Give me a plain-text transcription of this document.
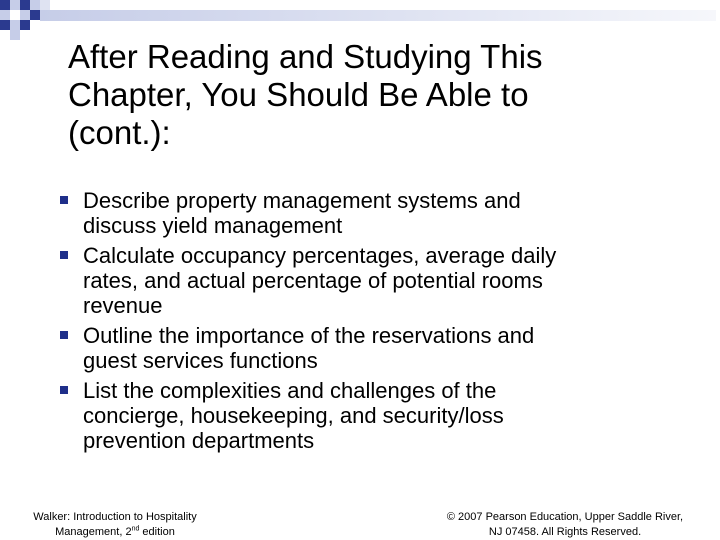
After Reading and Studying This
Chapter, You Should Be Able to
(cont.):
Describe property management systems and
discuss yield management
Calculate occupancy percentages, average daily
rates, and actual percentage of potential rooms
revenue
Outline the importance of the reservations and
guest services functions
List the complexities and challenges of the
concierge, housekeeping, and security/loss
prevention departments
Walker: Introduction to Hospitality
Management, 2nd edition
© 2007 Pearson Education, Upper Saddle River,
NJ 07458. All Rights Reserved.
